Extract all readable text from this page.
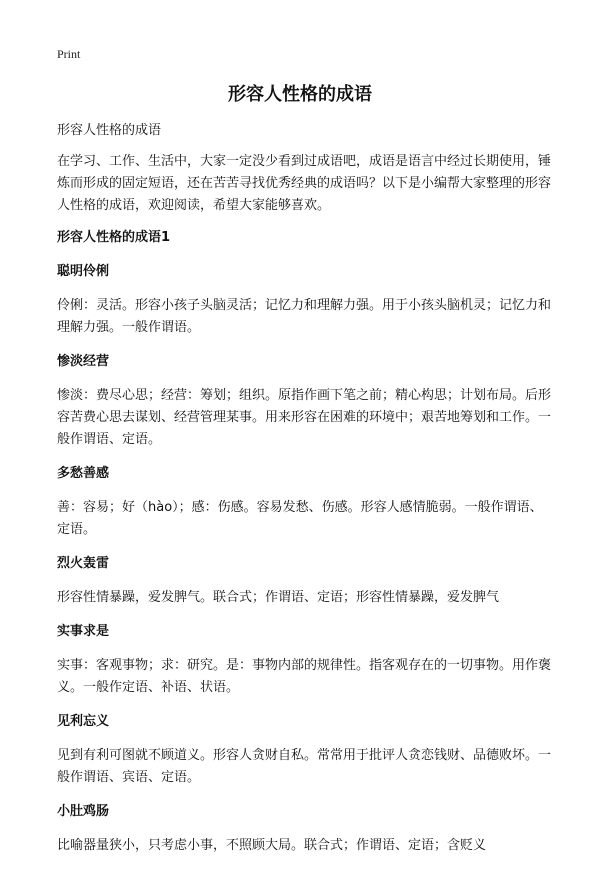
Print
形容人性格的成语

形容人性格的成语

在学习、工作、生活中，大家一定没少看到过成语吧，成语是语言中经过长期使用，锤炼而形成的固定短语，还在苦苦寻找优秀经典的成语吗？以下是小编帮大家整理的形容人性格的成语，欢迎阅读，希望大家能够喜欢。

形容人性格的成语1

聪明伶俐

伶俐：灵活。形容小孩子头脑灵活；记忆力和理解力强。用于小孩头脑机灵；记忆力和理解力强。一般作谓语。

惨淡经营

惨淡：费尽心思；经营：筹划；组织。原指作画下笔之前；精心构思；计划布局。后形容苦费心思去谋划、经营管理某事。用来形容在困难的环境中；艰苦地筹划和工作。一般作谓语、定语。

多愁善感

善：容易；好（hào）；感：伤感。容易发愁、伤感。形容人感情脆弱。一般作谓语、定语。

烈火轰雷

形容性情暴躁，爱发脾气。联合式；作谓语、定语；形容性情暴躁，爱发脾气

实事求是

实事：客观事物；求：研究。是：事物内部的规律性。指客观存在的一切事物。用作褒义。一般作定语、补语、状语。

见利忘义

见到有利可图就不顾道义。形容人贪财自私。常常用于批评人贪恋钱财、品德败坏。一般作谓语、宾语、定语。

小肚鸡肠

比喻器量狭小，只考虑小事，不照顾大局。联合式；作谓语、定语；含贬义
